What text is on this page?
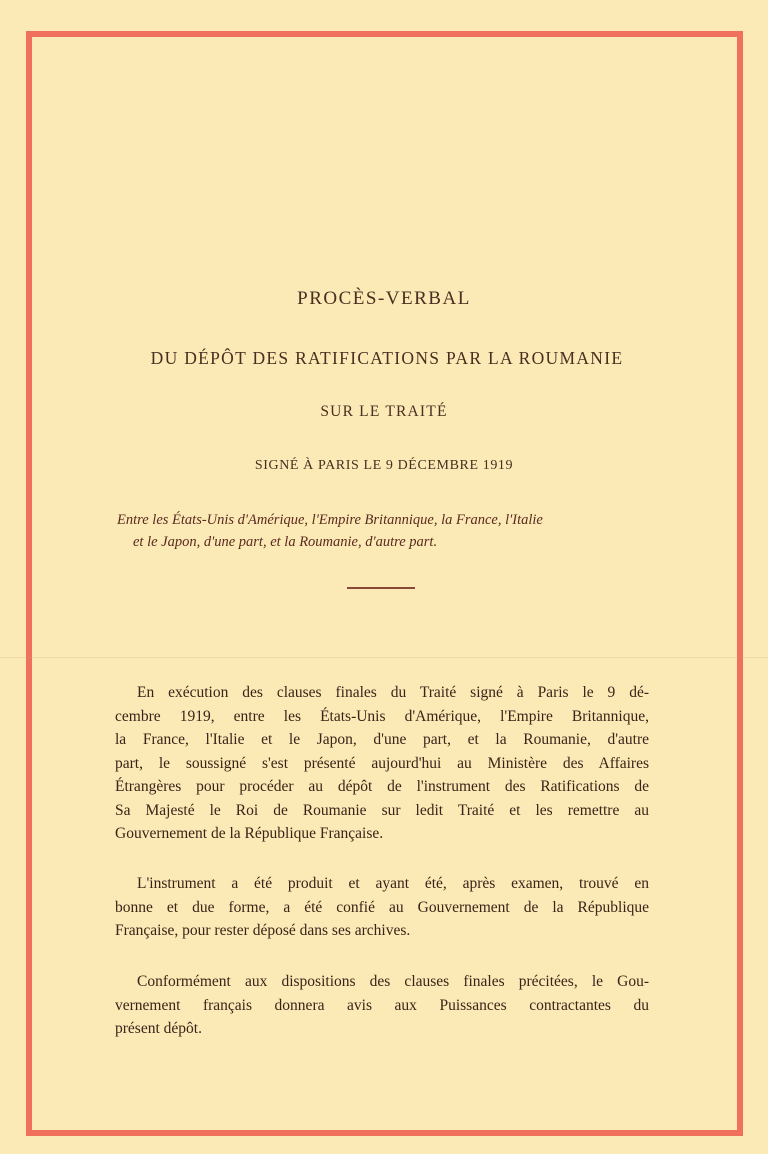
PROCÈS-VERBAL
DU DÉPÔT DES RATIFICATIONS PAR LA ROUMANIE
SUR LE TRAITÉ
SIGNÉ À PARIS LE 9 DÉCEMBRE 1919
Entre les États-Unis d'Amérique, l'Empire Britannique, la France, l'Italie
et le Japon, d'une part, et la Roumanie, d'autre part.
En exécution des clauses finales du Traité signé à Paris le 9 dé-
cembre 1919, entre les États-Unis d'Amérique, l'Empire Britannique,
la France, l'Italie et le Japon, d'une part, et la Roumanie, d'autre
part, le soussigné s'est présenté aujourd'hui au Ministère des Affaires
Étrangères pour procéder au dépôt de l'instrument des Ratifications de
Sa Majesté le Roi de Roumanie sur ledit Traité et les remettre au
Gouvernement de la République Française.
L'instrument a été produit et ayant été, après examen, trouvé en
bonne et due forme, a été confié au Gouvernement de la République
Française, pour rester déposé dans ses archives.
Conformément aux dispositions des clauses finales précitées, le Gou-
vernement français donnera avis aux Puissances contractantes du
présent dépôt.
